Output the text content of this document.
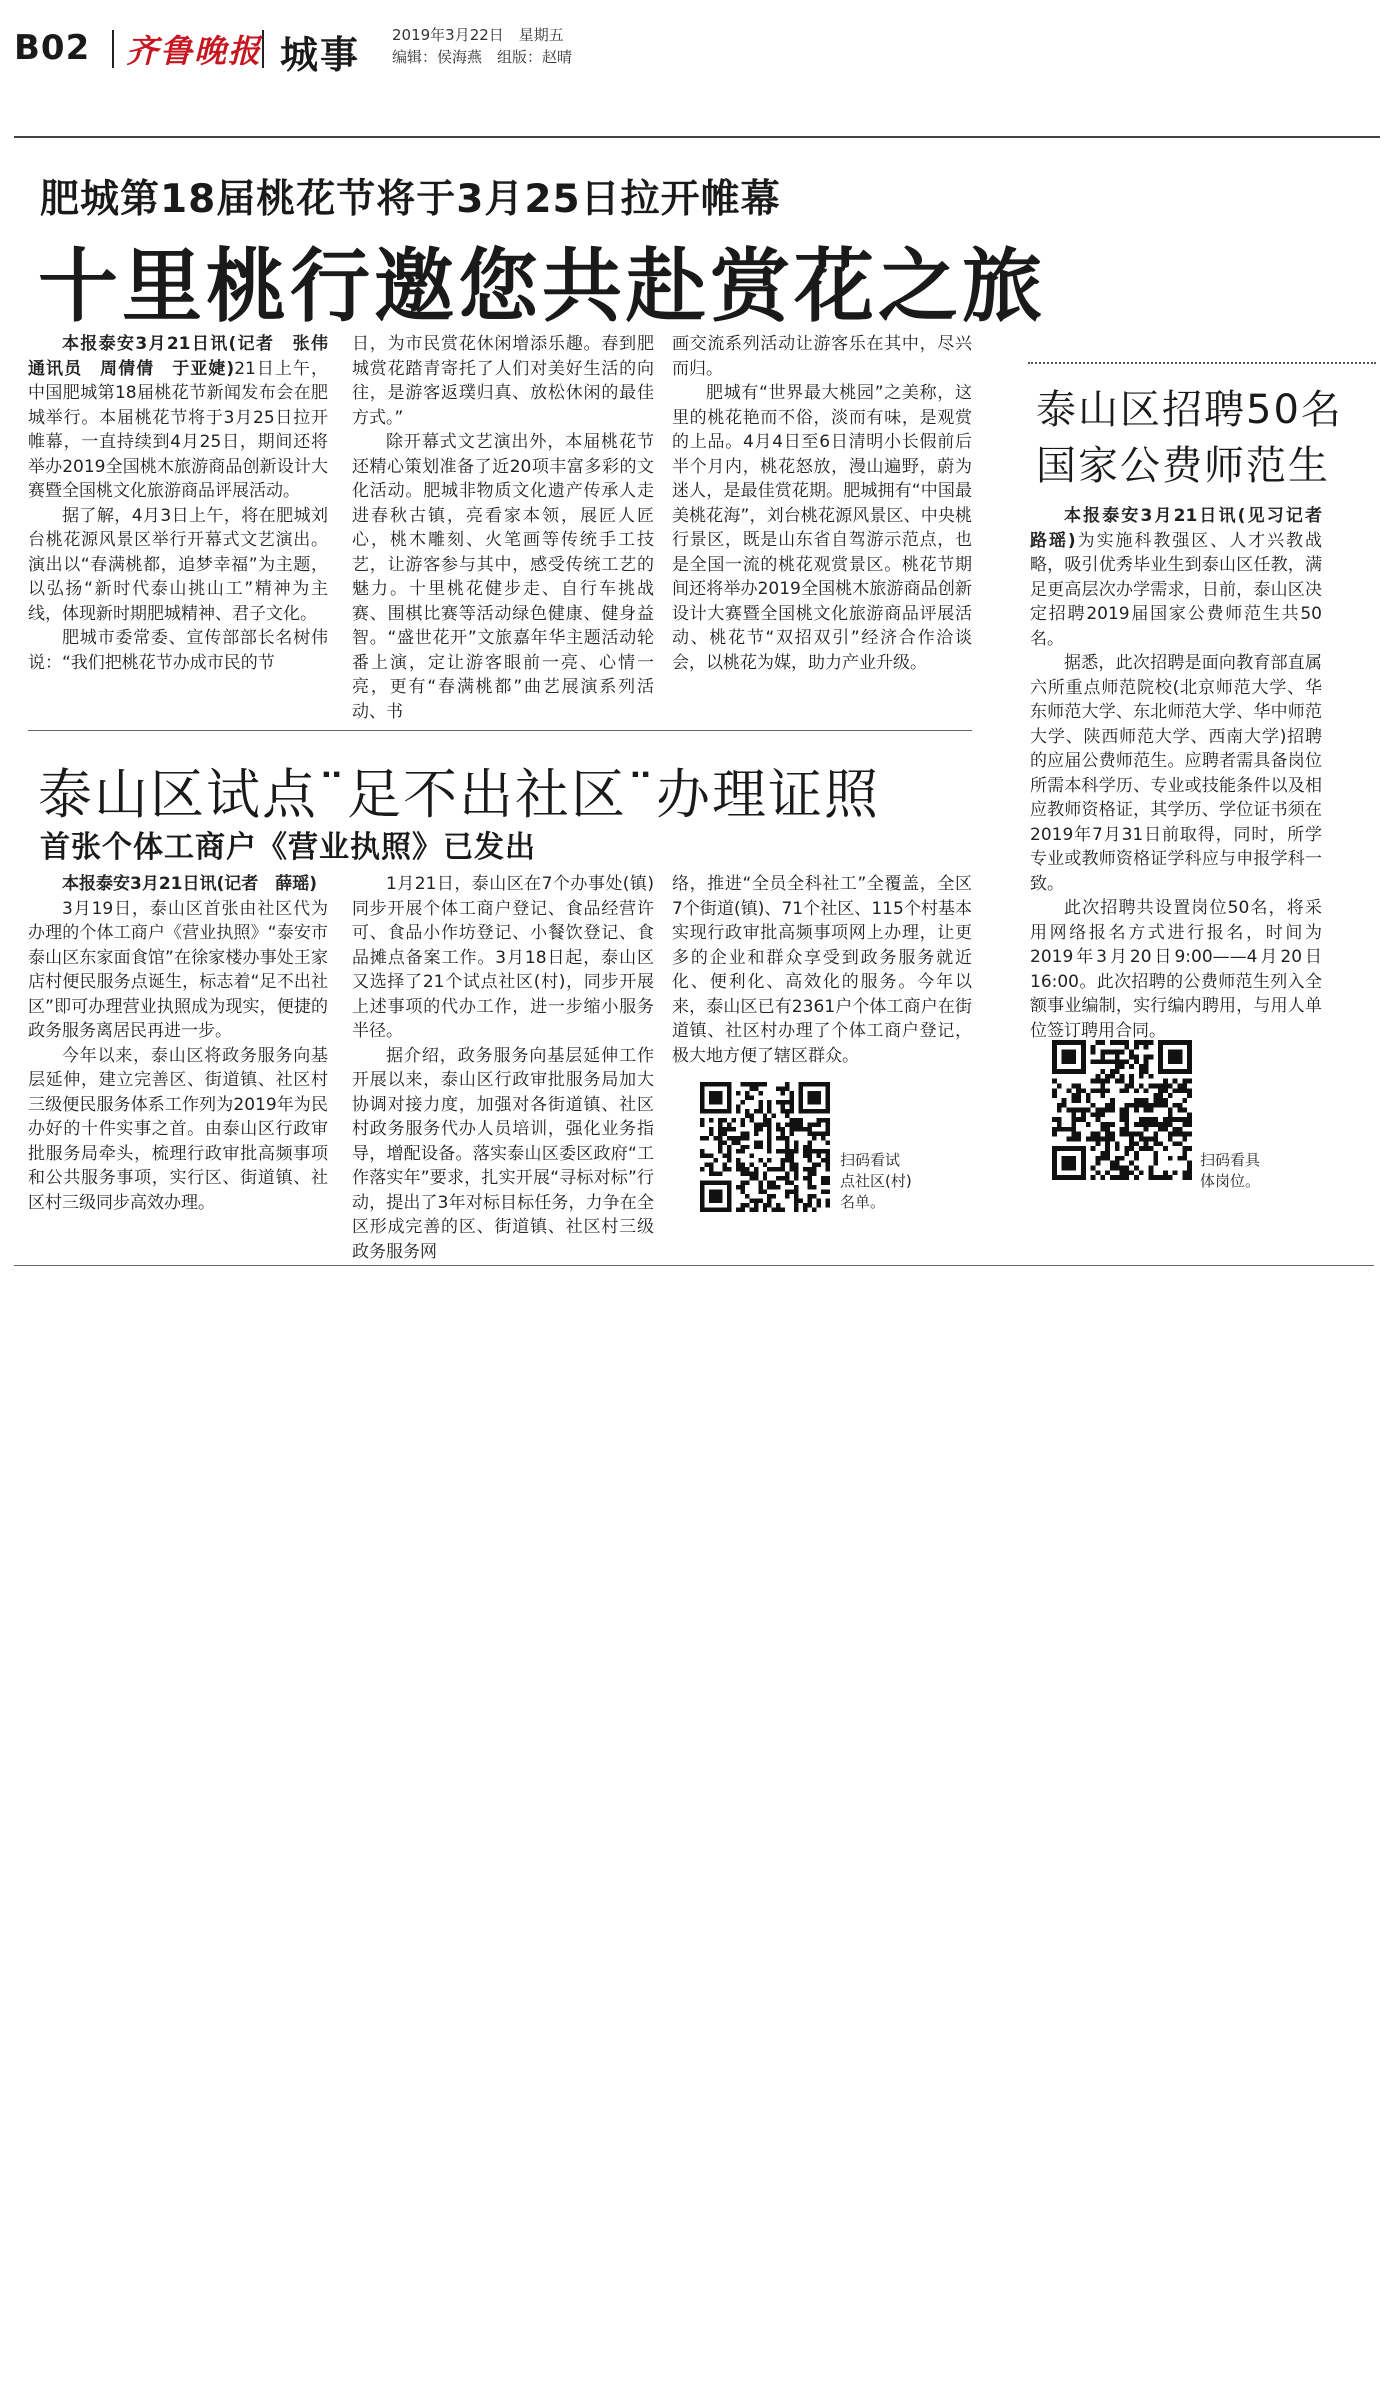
B02 齐鲁晚报 城事 2019年3月22日　星期五
编辑：侯海燕　组版：赵晴
肥城第18届桃花节将于3月25日拉开帷幕
十里桃行邀您共赴赏花之旅

本报泰安3月21日讯(记者　张伟　通讯员　周倩倩　于亚婕)21日上午，中国肥城第18届桃花节新闻发布会在肥城举行。本届桃花节将于3月25日拉开帷幕，一直持续到4月25日，期间还将举办2019全国桃木旅游商品创新设计大赛暨全国桃文化旅游商品评展活动。

据了解，4月3日上午，将在肥城刘台桃花源风景区举行开幕式文艺演出。演出以“春满桃都，追梦幸福”为主题，以弘扬“新时代泰山挑山工”精神为主线，体现新时期肥城精神、君子文化。

肥城市委常委、宣传部部长名树伟说：“我们把桃花节办成市民的节

日，为市民赏花休闲增添乐趣。春到肥城赏花踏青寄托了人们对美好生活的向往，是游客返璞归真、放松休闲的最佳方式。”

除开幕式文艺演出外，本届桃花节还精心策划准备了近20项丰富多彩的文化活动。肥城非物质文化遗产传承人走进春秋古镇，亮看家本领，展匠人匠心，桃木雕刻、火笔画等传统手工技艺，让游客参与其中，感受传统工艺的魅力。十里桃花健步走、自行车挑战赛、围棋比赛等活动绿色健康、健身益智。“盛世花开”文旅嘉年华主题活动轮番上演，定让游客眼前一亮、心情一亮，更有“春满桃都”曲艺展演系列活动、书

画交流系列活动让游客乐在其中，尽兴而归。

肥城有“世界最大桃园”之美称，这里的桃花艳而不俗，淡而有味，是观赏的上品。4月4日至6日清明小长假前后半个月内，桃花怒放，漫山遍野，蔚为迷人，是最佳赏花期。肥城拥有“中国最美桃花海”，刘台桃花源风景区、中央桃行景区，既是山东省自驾游示范点，也是全国一流的桃花观赏景区。桃花节期间还将举办2019全国桃木旅游商品创新设计大赛暨全国桃文化旅游商品评展活动、桃花节“双招双引”经济合作洽谈会，以桃花为媒，助力产业升级。

泰山区试点¨足不出社区¨办理证照
首张个体工商户《营业执照》已发出

本报泰安3月21日讯(记者　薛瑶)

3月19日，泰山区首张由社区代为办理的个体工商户《营业执照》“泰安市泰山区东家面食馆”在徐家楼办事处王家店村便民服务点诞生，标志着“足不出社区”即可办理营业执照成为现实，便捷的政务服务离居民再进一步。

今年以来，泰山区将政务服务向基层延伸，建立完善区、街道镇、社区村三级便民服务体系工作列为2019年为民办好的十件实事之首。由泰山区行政审批服务局牵头，梳理行政审批高频事项和公共服务事项，实行区、街道镇、社区村三级同步高效办理。

1月21日，泰山区在7个办事处(镇)同步开展个体工商户登记、食品经营许可、食品小作坊登记、小餐饮登记、食品摊点备案工作。3月18日起，泰山区又选择了21个试点社区(村)，同步开展上述事项的代办工作，进一步缩小服务半径。

据介绍，政务服务向基层延伸工作开展以来，泰山区行政审批服务局加大协调对接力度，加强对各街道镇、社区村政务服务代办人员培训，强化业务指导，增配设备。落实泰山区委区政府“工作落实年”要求，扎实开展“寻标对标”行动，提出了3年对标目标任务，力争在全区形成完善的区、街道镇、社区村三级政务服务网

络，推进“全员全科社工”全覆盖，全区7个街道(镇)、71个社区、115个村基本实现行政审批高频事项网上办理，让更多的企业和群众享受到政务服务就近化、便利化、高效化的服务。今年以来，泰山区已有2361户个体工商户在街道镇、社区村办理了个体工商户登记，极大地方便了辖区群众。

扫码看试
点社区(村)
名单。
泰山区招聘50名
国家公费师范生

本报泰安3月21日讯(见习记者　路瑶)为实施科教强区、人才兴教战略，吸引优秀毕业生到泰山区任教，满足更高层次办学需求，日前，泰山区决定招聘2019届国家公费师范生共50名。

据悉，此次招聘是面向教育部直属六所重点师范院校(北京师范大学、华东师范大学、东北师范大学、华中师范大学、陕西师范大学、西南大学)招聘的应届公费师范生。应聘者需具备岗位所需本科学历、专业或技能条件以及相应教师资格证，其学历、学位证书须在2019年7月31日前取得，同时，所学专业或教师资格证学科应与申报学科一致。

此次招聘共设置岗位50名，将采用网络报名方式进行报名，时间为2019年3月20日9:00——4月20日16:00。此次招聘的公费师范生列入全额事业编制，实行编内聘用，与用人单位签订聘用合同。

扫码看具
体岗位。
